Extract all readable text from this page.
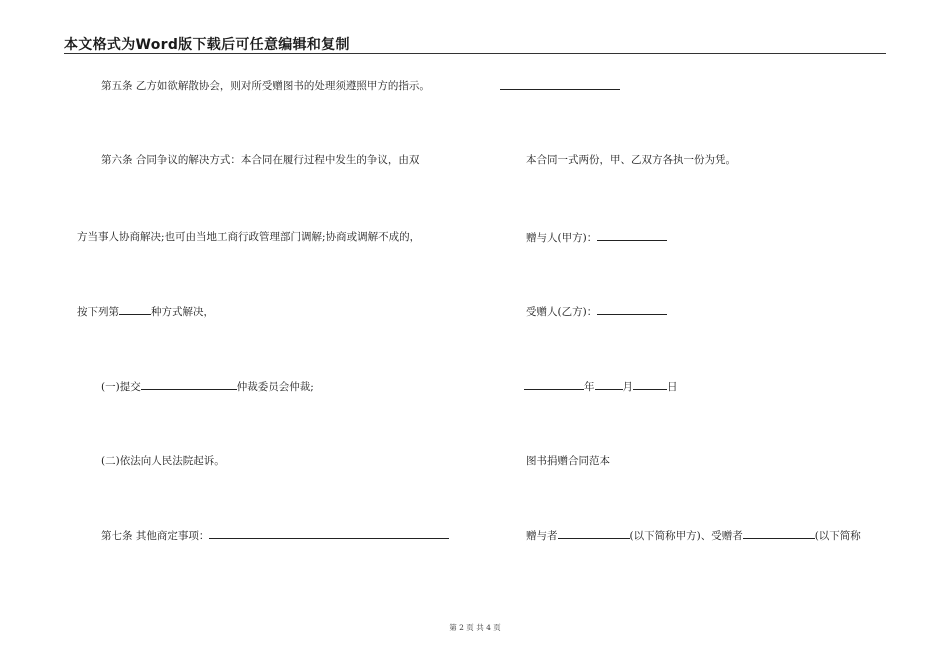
本文格式为Word版下载后可任意编辑和复制
第五条 乙方如欲解散协会，则对所受赠图书的处理须遵照甲方的指示。
第六条 合同争议的解决方式：本合同在履行过程中发生的争议，由双
方当事人协商解决;也可由当地工商行政管理部门调解;协商或调解不成的，
按下列第	种方式解决，
(一)提交	仲裁委员会仲裁;
(二)依法向人民法院起诉。
第七条 其他商定事项：
本合同一式两份，甲、乙双方各执一份为凭。
赠与人(甲方)：
受赠人(乙方)：
年	月	日
图书捐赠合同范本
赠与者	(以下简称甲方)、受赠者	(以下简称
第 2 页 共 4 页
